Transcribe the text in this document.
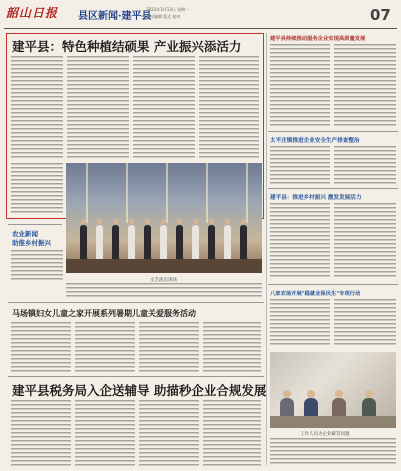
韶山日报 县区新闻·建平县
2023年3月13日 星期一
责任编辑 版式 校对	07
建平县：特色种植结硕果 产业振兴添活力
农业新闻
助推乡村振兴
文艺演出现场
马场镇妇女儿童之家开展系列暑期儿童关爱服务活动
建平县税务局入企送辅导 助描秒企业合规发展
建平县持续推动服务企业实现高质量发展
太平庄镇推进企业安全生产排查整治
建平县：推进乡村振兴 激发发展活力
八家农场开展"稳就业保民生"专项行动
工作人员为企业解答问题
